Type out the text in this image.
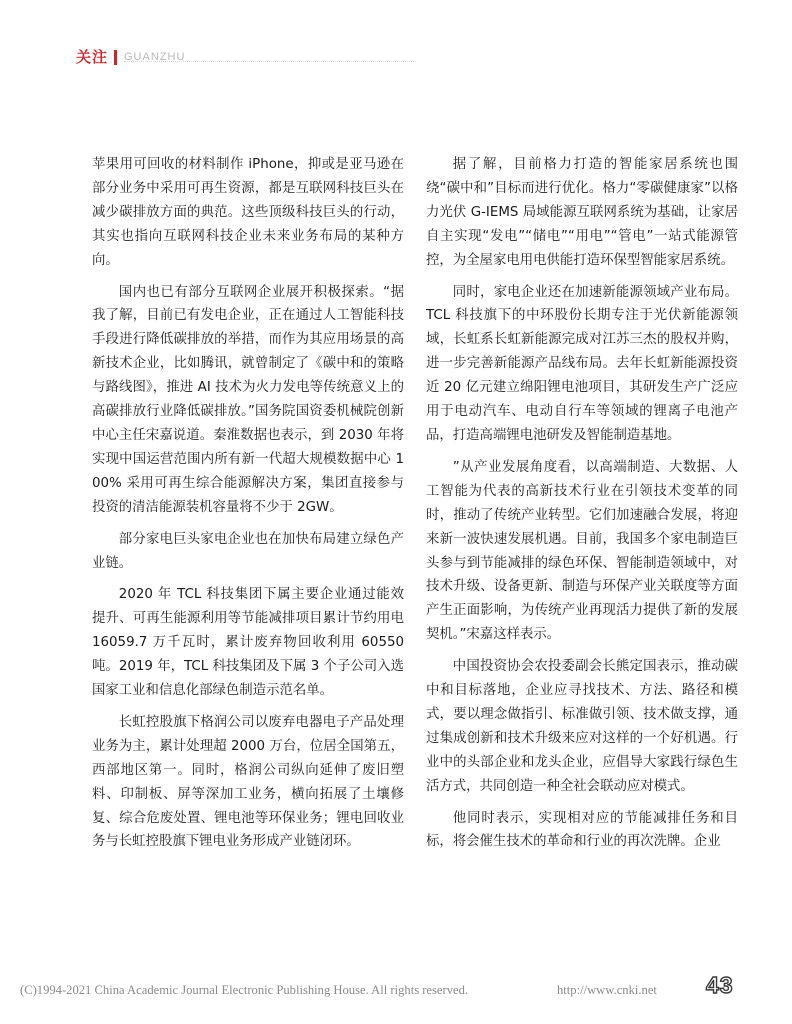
关注 GUANZHU

苹果用可回收的材料制作 iPhone，抑或是亚马逊在部分业务中采用可再生资源，都是互联网科技巨头在减少碳排放方面的典范。这些顶级科技巨头的行动，其实也指向互联网科技企业未来业务布局的某种方向。

国内也已有部分互联网企业展开积极探索。“据我了解，目前已有发电企业，正在通过人工智能科技手段进行降低碳排放的举措，而作为其应用场景的高新技术企业，比如腾讯，就曾制定了《碳中和的策略与路线图》，推进 AI 技术为火力发电等传统意义上的高碳排放行业降低碳排放。”国务院国资委机械院创新中心主任宋嘉说道。秦淮数据也表示，到 2030 年将实现中国运营范围内所有新一代超大规模数据中心 100% 采用可再生综合能源解决方案，集团直接参与投资的清洁能源装机容量将不少于 2GW。

部分家电巨头家电企业也在加快布局建立绿色产业链。

2020 年 TCL 科技集团下属主要企业通过能效提升、可再生能源利用等节能减排项目累计节约用电 16059.7 万千瓦时，累计废弃物回收利用 60550 吨。2019 年，TCL 科技集团及下属 3 个子公司入选国家工业和信息化部绿色制造示范名单。

长虹控股旗下格润公司以废弃电器电子产品处理业务为主，累计处理超 2000 万台，位居全国第五，西部地区第一。同时，格润公司纵向延伸了废旧塑料、印制板、屏等深加工业务，横向拓展了土壤修复、综合危废处置、锂电池等环保业务；锂电回收业务与长虹控股旗下锂电业务形成产业链闭环。

据了解，目前格力打造的智能家居系统也围绕“碳中和”目标而进行优化。格力“零碳健康家”以格力光伏 G-IEMS 局域能源互联网系统为基础，让家居自主实现“发电”“储电”“用电”“管电”一站式能源管控，为全屋家电用电供能打造环保型智能家居系统。

同时，家电企业还在加速新能源领域产业布局。TCL 科技旗下的中环股份长期专注于光伏新能源领域，长虹系长虹新能源完成对江苏三杰的股权并购，进一步完善新能源产品线布局。去年长虹新能源投资近 20 亿元建立绵阳锂电池项目，其研发生产广泛应用于电动汽车、电动自行车等领域的锂离子电池产品，打造高端锂电池研发及智能制造基地。

”从产业发展角度看，以高端制造、大数据、人工智能为代表的高新技术行业在引领技术变革的同时，推动了传统产业转型。它们加速融合发展，将迎来新一波快速发展机遇。目前，我国多个家电制造巨头参与到节能减排的绿色环保、智能制造领域中，对技术升级、设备更新、制造与环保产业关联度等方面产生正面影响，为传统产业再现活力提供了新的发展契机。”宋嘉这样表示。

中国投资协会农投委副会长熊定国表示，推动碳中和目标落地，企业应寻找技术、方法、路径和模式，要以理念做指引、标准做引领、技术做支撑，通过集成创新和技术升级来应对这样的一个好机遇。行业中的头部企业和龙头企业，应倡导大家践行绿色生活方式，共同创造一种全社会联动应对模式。

他同时表示，实现相对应的节能减排任务和目标，将会催生技术的革命和行业的再次洗牌。企业

(C)1994-2021 China Academic Journal Electronic Publishing House. All rights reserved.	http://www.cnki.net 43
